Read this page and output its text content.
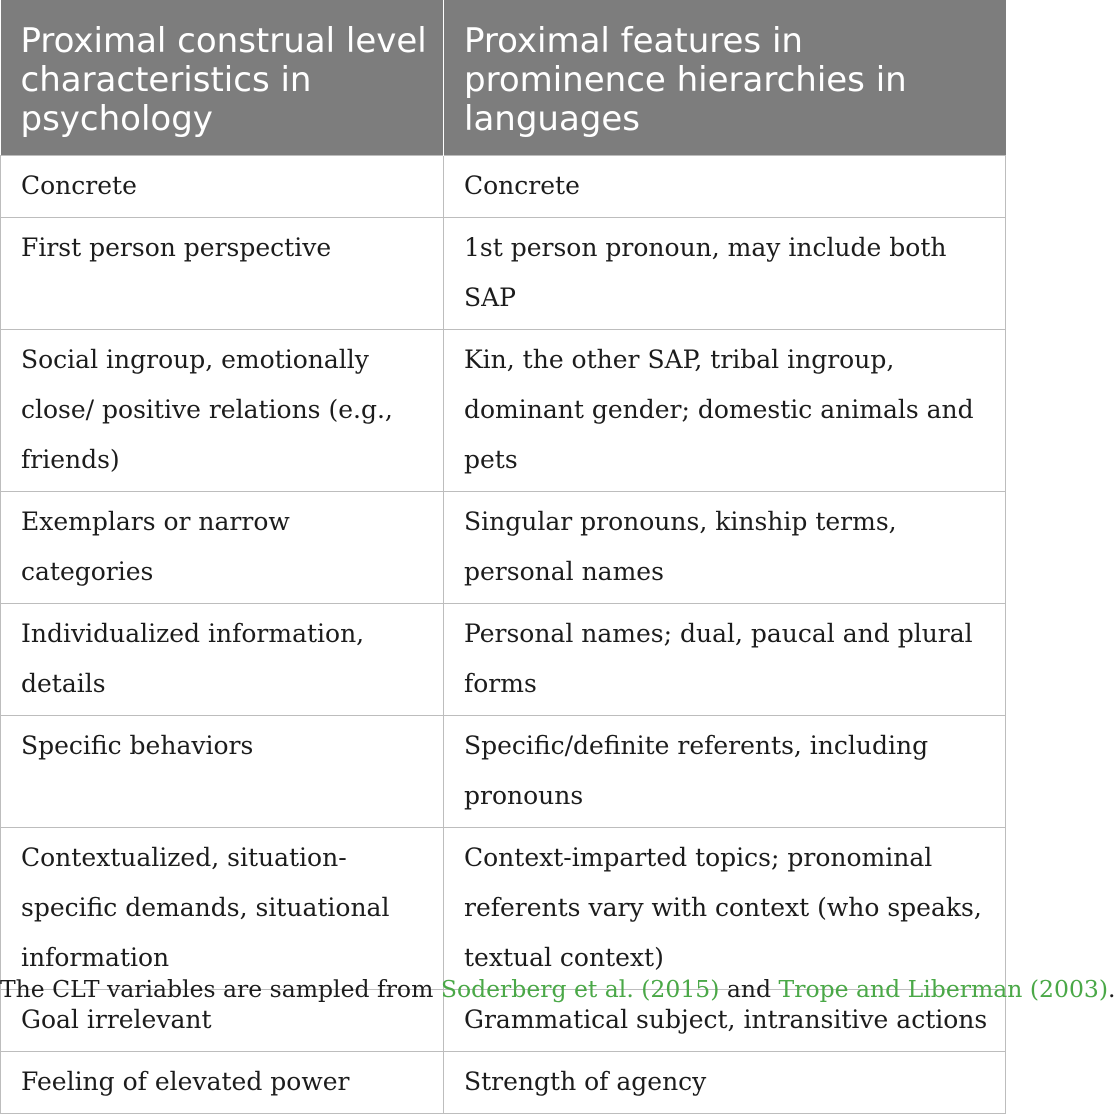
Proximal construal level characteristics in psychology	Proximal features in prominence hierarchies in languages
Concrete	Concrete
First person perspective	1st person pronoun, may include both SAP
Social ingroup, emotionally close/ positive relations (e.g., friends)	Kin, the other SAP, tribal ingroup, dominant gender; domestic animals and pets
Exemplars or narrow categories	Singular pronouns, kinship terms, personal names
Individualized information, details	Personal names; dual, paucal and plural forms
Specific behaviors	Specific/definite referents, including pronouns
Contextualized, situation-specific demands, situational information	Context-imparted topics; pronominal referents vary with context (who speaks, textual context)
Goal irrelevant	Grammatical subject, intransitive actions
Feeling of elevated power	Strength of agency
The CLT variables are sampled from Soderberg et al. (2015) and Trope and Liberman (2003).
